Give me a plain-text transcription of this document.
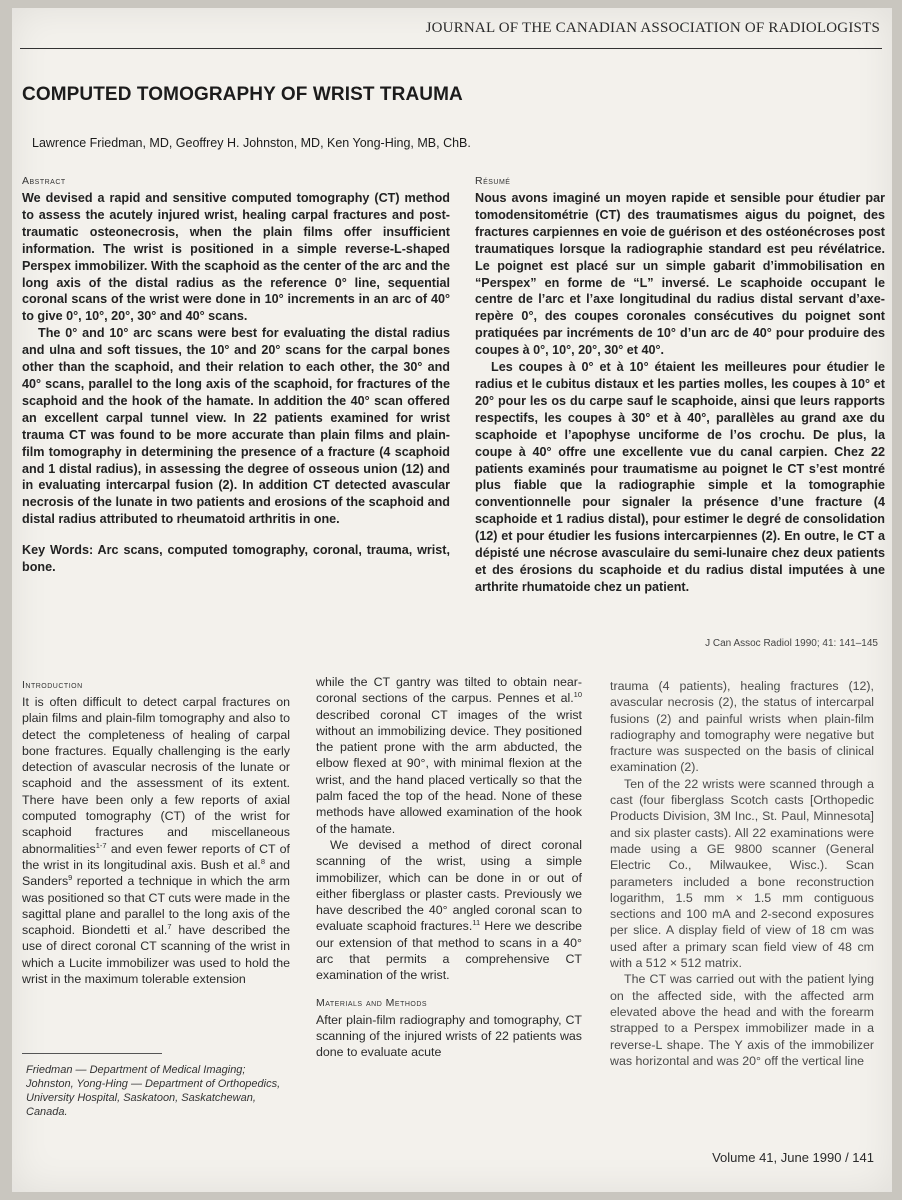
JOURNAL OF THE CANADIAN ASSOCIATION OF RADIOLOGISTS
COMPUTED TOMOGRAPHY OF WRIST TRAUMA
Lawrence Friedman, MD, Geoffrey H. Johnston, MD, Ken Yong-Hing, MB, ChB.
Abstract

We devised a rapid and sensitive computed tomography (CT) method to assess the acutely injured wrist, healing carpal fractures and post-traumatic osteonecrosis, when the plain films offer insufficient information. The wrist is positioned in a simple reverse-L-shaped Perspex immobilizer. With the scaphoid as the center of the arc and the long axis of the distal radius as the reference 0° line, sequential coronal scans of the wrist were done in 10° increments in an arc of 40° to give 0°, 10°, 20°, 30° and 40° scans.

The 0° and 10° arc scans were best for evaluating the distal radius and ulna and soft tissues, the 10° and 20° scans for the carpal bones other than the scaphoid, and their relation to each other, the 30° and 40° scans, parallel to the long axis of the scaphoid, for fractures of the scaphoid and the hook of the hamate. In addition the 40° scan offered an excellent carpal tunnel view. In 22 patients examined for wrist trauma CT was found to be more accurate than plain films and plain-film tomography in determining the presence of a fracture (4 scaphoid and 1 distal radius), in assessing the degree of osseous union (12) and in evaluating intercarpal fusion (2). In addition CT detected avascular necrosis of the lunate in two patients and erosions of the scaphoid and distal radius attributed to rheumatoid arthritis in one.

Key Words: Arc scans, computed tomography, coronal, trauma, wrist, bone.

Résumé

Nous avons imaginé un moyen rapide et sensible pour étudier par tomodensitométrie (CT) des traumatismes aigus du poignet, des fractures carpiennes en voie de guérison et des ostéonécroses post traumatiques lorsque la radiographie standard est peu révélatrice. Le poignet est placé sur un simple gabarit d’immobilisation en “Perspex” en forme de “L” inversé. Le scaphoide occupant le centre de l’arc et l’axe longitudinal du radius distal servant d’axe-repère 0°, des coupes coronales consécutives du poignet sont pratiquées par incréments de 10° d’un arc de 40° pour produire des coupes à 0°, 10°, 20°, 30° et 40°.

Les coupes à 0° et à 10° étaient les meilleures pour étudier le radius et le cubitus distaux et les parties molles, les coupes à 10° et 20° pour les os du carpe sauf le scaphoide, ainsi que leurs rapports respectifs, les coupes à 30° et à 40°, parallèles au grand axe du scaphoide et l’apophyse unciforme de l’os crochu. De plus, la coupe à 40° offre une excellente vue du canal carpien. Chez 22 patients examinés pour traumatisme au poignet le CT s’est montré plus fiable que la radiographie simple et la tomographie conventionnelle pour signaler la présence d’une fracture (4 scaphoide et 1 radius distal), pour estimer le degré de consolidation (12) et pour étudier les fusions intercarpiennes (2). En outre, le CT a dépisté une nécrose avasculaire du semi-lunaire chez deux patients et des érosions du scaphoide et du radius distal imputées à une arthrite rhumatoide chez un patient.

J Can Assoc Radiol 1990; 41: 141–145
Introduction

It is often difficult to detect carpal fractures on plain films and plain-film tomography and also to detect the completeness of healing of carpal bone fractures. Equally challenging is the early detection of avascular necrosis of the lunate or scaphoid and the assessment of its extent. There have been only a few reports of axial computed tomography (CT) of the wrist for scaphoid fractures and miscellaneous abnormalities$^{1-7}$ and even fewer reports of CT of the wrist in its longitudinal axis. Bush et al.$^8$ and Sanders$^9$ reported a technique in which the arm was positioned so that CT cuts were made in the sagittal plane and parallel to the long axis of the scaphoid. Biondetti et al.$^7$ have described the use of direct coronal CT scanning of the wrist in which a Lucite immobilizer was used to hold the wrist in the maximum tolerable extension

while the CT gantry was tilted to obtain near-coronal sections of the carpus. Pennes et al.$^{10}$ described coronal CT images of the wrist without an immobilizing device. They positioned the patient prone with the arm abducted, the elbow flexed at 90°, with minimal flexion at the wrist, and the hand placed vertically so that the palm faced the top of the head. None of these methods have allowed examination of the hook of the hamate.

We devised a method of direct coronal scanning of the wrist, using a simple immobilizer, which can be done in or out of either fiberglass or plaster casts. Previously we have described the 40° angled coronal scan to evaluate scaphoid fractures.$^{11}$ Here we describe our extension of that method to scans in a 40° arc that permits a comprehensive CT examination of the wrist.

Materials and Methods

After plain-film radiography and tomography, CT scanning of the injured wrists of 22 patients was done to evaluate acute

trauma (4 patients), healing fractures (12), avascular necrosis (2), the status of intercarpal fusions (2) and painful wrists when plain-film radiography and tomography were negative but fracture was suspected on the basis of clinical examination (2).

Ten of the 22 wrists were scanned through a cast (four fiberglass Scotch casts [Orthopedic Products Division, 3M Inc., St. Paul, Minnesota] and six plaster casts). All 22 examinations were made using a GE 9800 scanner (General Electric Co., Milwaukee, Wisc.). Scan parameters included a bone reconstruction logarithm, 1.5 mm × 1.5 mm contiguous sections and 100 mA and 2-second exposures per slice. A display field of view of 18 cm was used after a primary scan field view of 48 cm with a 512 × 512 matrix.

The CT was carried out with the patient lying on the affected side, with the affected arm elevated above the head and with the forearm strapped to a Perspex immobilizer made in a reverse-L shape. The Y axis of the immobilizer was horizontal and was 20° off the vertical line

Friedman — Department of Medical Imaging; Johnston, Yong-Hing — Department of Orthopedics, University Hospital, Saskatoon, Saskatchewan, Canada.
Volume 41, June 1990 / 141
